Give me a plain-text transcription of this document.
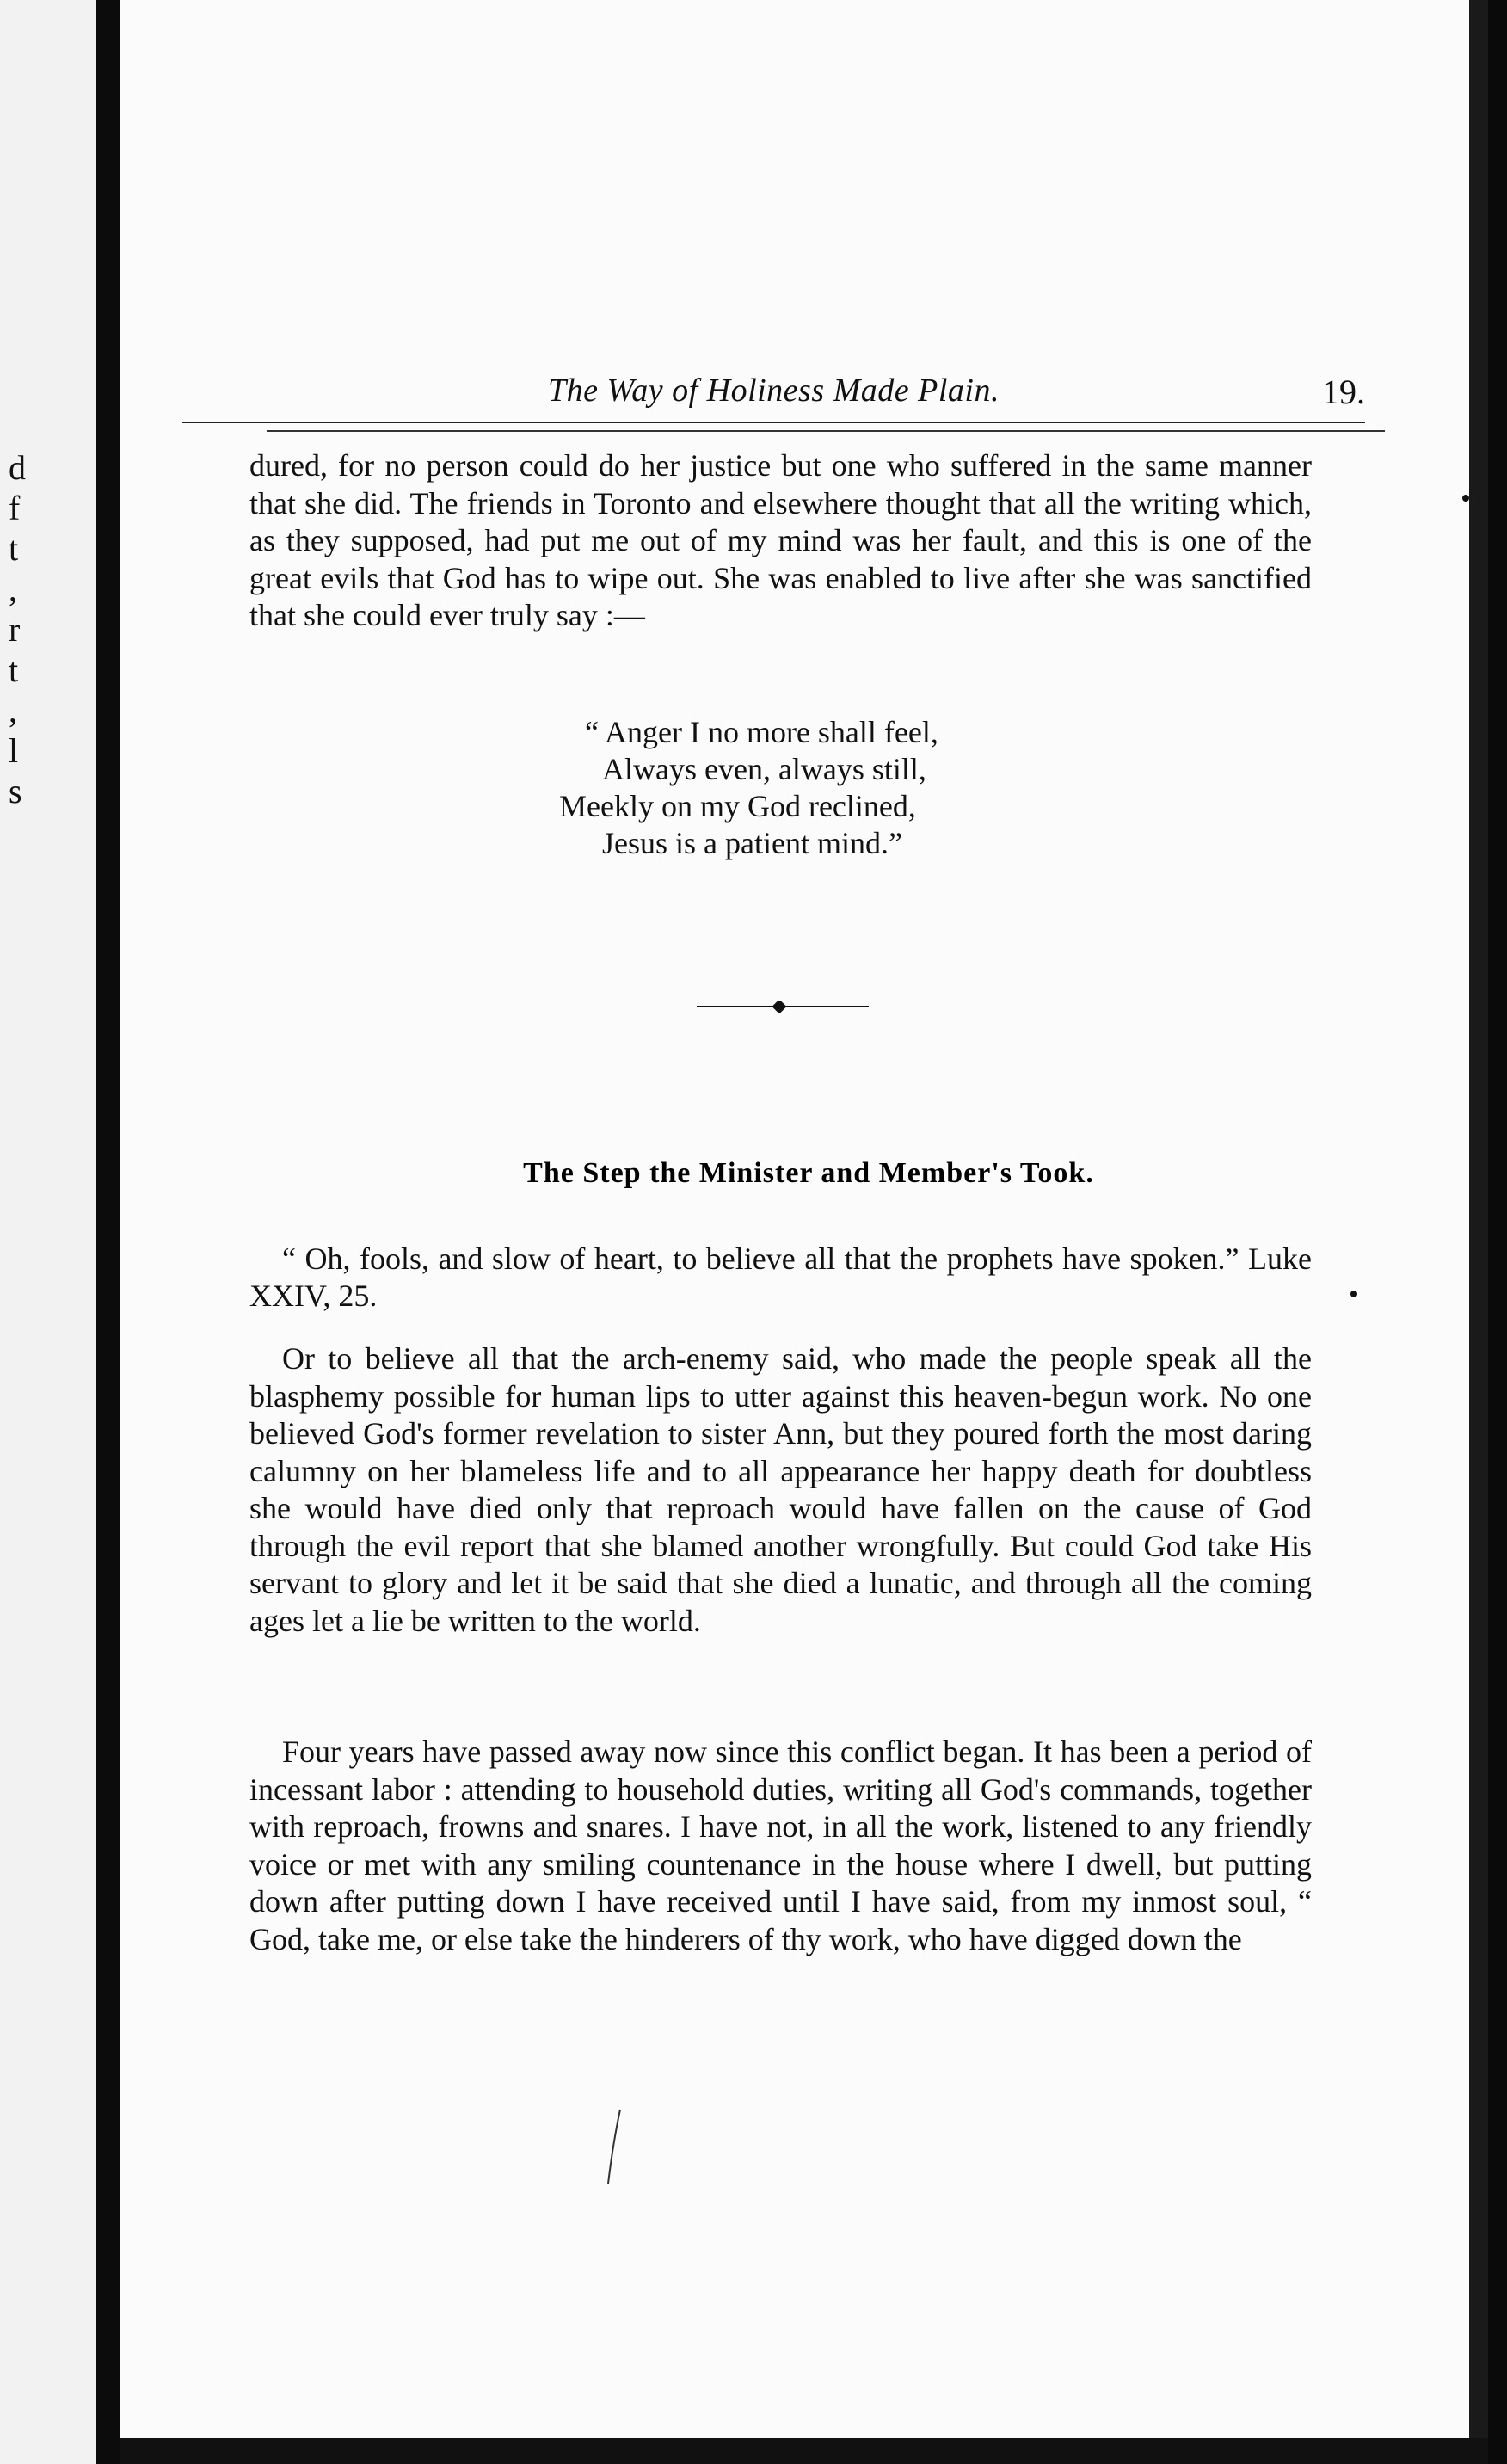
d
f
t
,
r
t
,
l
s
The Way of Holiness Made Plain.	19.
dured, for no person could do her justice but one who suffered in the same manner that she did. The friends in Toronto and elsewhere thought that all the writing which, as they supposed, had put me out of my mind was her fault, and this is one of the great evils that God has to wipe out. She was enabled to live after she was sanctified that she could ever truly say :—
“ Anger I no more shall feel,
Always even, always still,
Meekly on my God reclined,
Jesus is a patient mind.”
The Step the Minister and Member's Took.
“ Oh, fools, and slow of heart, to believe all that the prophets have spoken.” Luke XXIV, 25.
Or to believe all that the arch-enemy said, who made the people speak all the blasphemy possible for human lips to utter against this heaven-begun work. No one believed God's former revelation to sister Ann, but they poured forth the most daring calumny on her blameless life and to all appearance her happy death for doubtless she would have died only that reproach would have fallen on the cause of God through the evil report that she blamed another wrongfully. But could God take His servant to glory and let it be said that she died a lunatic, and through all the coming ages let a lie be written to the world.
Four years have passed away now since this conflict began. It has been a period of incessant labor : attending to household duties, writing all God's commands, together with reproach, frowns and snares. I have not, in all the work, listened to any friendly voice or met with any smiling countenance in the house where I dwell, but putting down after putting down I have received until I have said, from my inmost soul, “ God, take me, or else take the hinderers of thy work, who have digged down the
